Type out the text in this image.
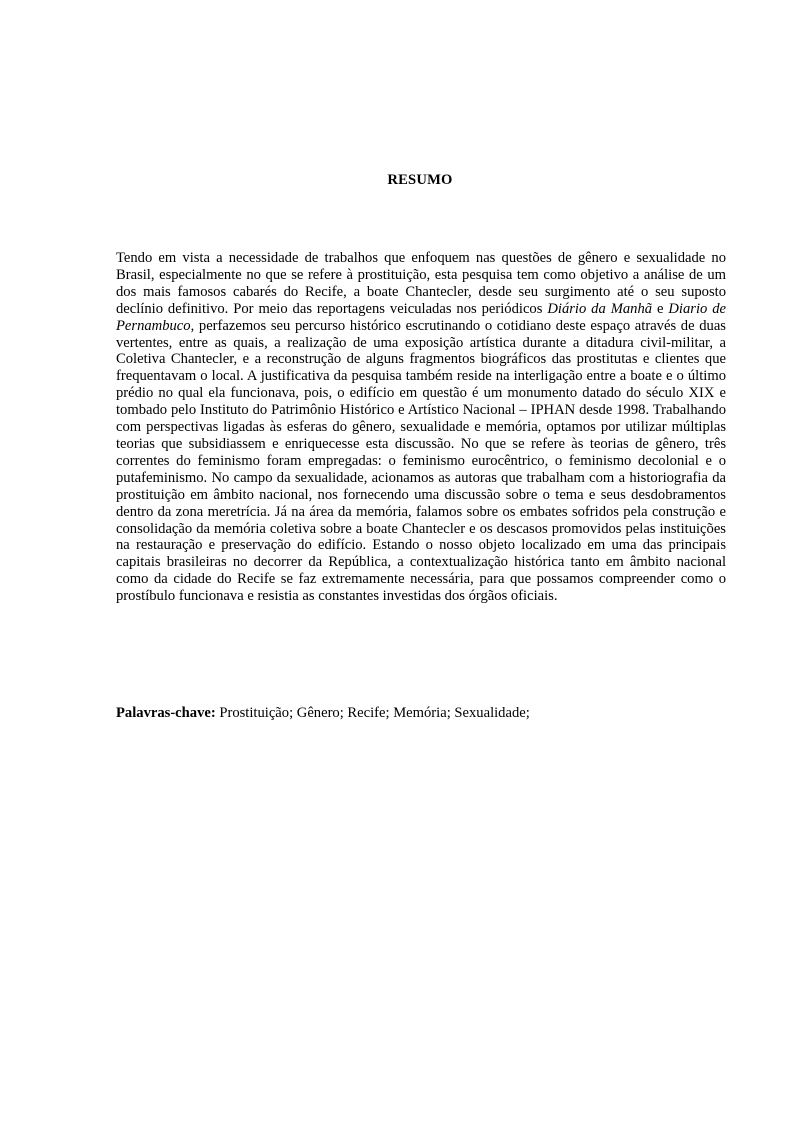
RESUMO

Tendo em vista a necessidade de trabalhos que enfoquem nas questões de gênero e sexualidade no Brasil, especialmente no que se refere à prostituição, esta pesquisa tem como objetivo a análise de um dos mais famosos cabarés do Recife, a boate Chantecler, desde seu surgimento até o seu suposto declínio definitivo. Por meio das reportagens veiculadas nos periódicos Diário da Manhã e Diario de Pernambuco, perfazemos seu percurso histórico escrutinando o cotidiano deste espaço através de duas vertentes, entre as quais, a realização de uma exposição artística durante a ditadura civil-militar, a Coletiva Chantecler, e a reconstrução de alguns fragmentos biográficos das prostitutas e clientes que frequentavam o local. A justificativa da pesquisa também reside na interligação entre a boate e o último prédio no qual ela funcionava, pois, o edifício em questão é um monumento datado do século XIX e tombado pelo Instituto do Patrimônio Histórico e Artístico Nacional – IPHAN desde 1998. Trabalhando com perspectivas ligadas às esferas do gênero, sexualidade e memória, optamos por utilizar múltiplas teorias que subsidiassem e enriquecesse esta discussão. No que se refere às teorias de gênero, três correntes do feminismo foram empregadas: o feminismo eurocêntrico, o feminismo decolonial e o putafeminismo. No campo da sexualidade, acionamos as autoras que trabalham com a historiografia da prostituição em âmbito nacional, nos fornecendo uma discussão sobre o tema e seus desdobramentos dentro da zona meretrícia. Já na área da memória, falamos sobre os embates sofridos pela construção e consolidação da memória coletiva sobre a boate Chantecler e os descasos promovidos pelas instituições na restauração e preservação do edifício. Estando o nosso objeto localizado em uma das principais capitais brasileiras no decorrer da República, a contextualização histórica tanto em âmbito nacional como da cidade do Recife se faz extremamente necessária, para que possamos compreender como o prostíbulo funcionava e resistia as constantes investidas dos órgãos oficiais.

Palavras-chave: Prostituição; Gênero; Recife; Memória; Sexualidade;
